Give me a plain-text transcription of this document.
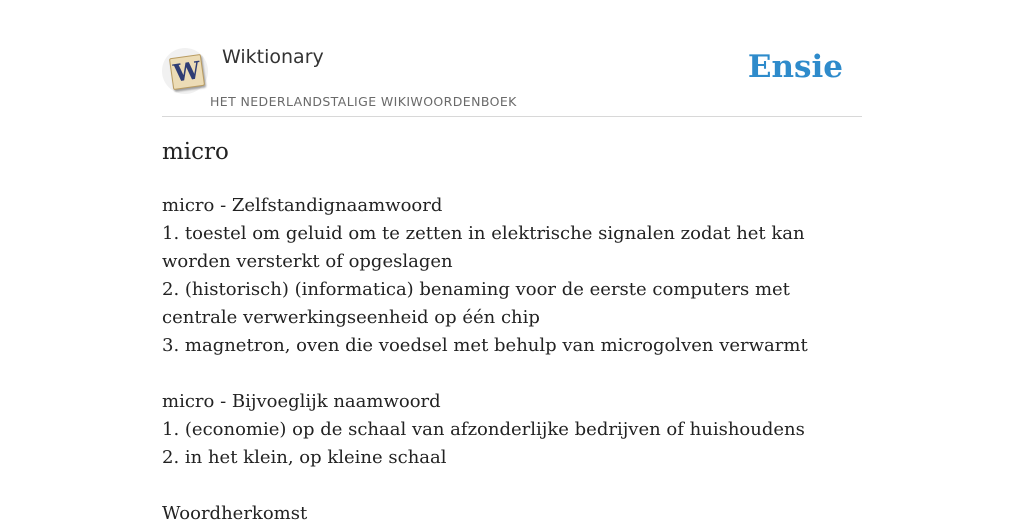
W Wiktionary
HET NEDERLANDSTALIGE WIKIWOORDENBOEK
Ensie
micro

micro - Zelfstandignaamwoord

1. toestel om geluid om te zetten in elektrische signalen zodat het kan worden versterkt of opgeslagen

2. (historisch) (informatica) benaming voor de eerste computers met centrale verwerkingseenheid op één chip

3. magnetron, oven die voedsel met behulp van microgolven verwarmt

micro - Bijvoeglijk naamwoord

1. (economie) op de schaal van afzonderlijke bedrijven of huishoudens

2. in het klein, op kleine schaal

Woordherkomst
